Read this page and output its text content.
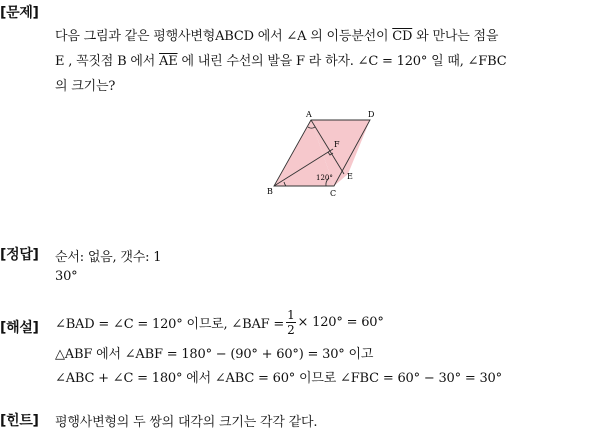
[문제]
다음 그림과 같은 평행사변형ABCD 에서 ∠A 의 이등분선이 $\overline{CD}$ 와 만나는 점을
E , 꼭짓점 B 에서 $\overline{AE}$ 에 내린 수선의 발을 F 라 하자. ∠C = 120° 일 때, ∠FBC
의 크기는?
A	D
B	C
E
F
120°
[정답] 순서: 없음, 갯수: 1
30°
[해설] ∠BAD = ∠C = 120° 이므로, ∠BAF = $\frac{1}{2} \times 120^\circ = 60^\circ$
△ABF 에서 ∠ABF = 180° − (90° + 60°) = 30° 이고
∠ABC + ∠C = 180° 에서 ∠ABC = 60° 이므로 ∠FBC = 60° − 30° = 30°
[힌트] 평행사변형의 두 쌍의 대각의 크기는 각각 같다.
